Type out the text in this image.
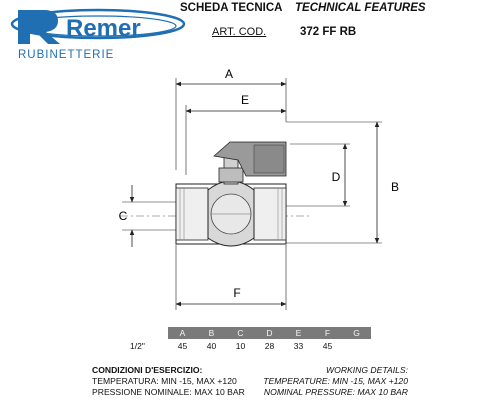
Remer
RUBINETTERIE
SCHEDA TECNICA TECHNICAL FEATURES
ART. COD.	372 FF RB
A
E
D
B
C
F
	A	B	C	D	E	F	G
1/2"	45	40	10	28	33	45	
CONDIZIONI D'ESERCIZIO:
TEMPERATURA: MIN -15, MAX +120
PRESSIONE NOMINALE: MAX 10 BAR
WORKING DETAILS:
TEMPERATURE: MIN -15, MAX +120
NOMINAL PRESSURE: MAX 10 BAR
